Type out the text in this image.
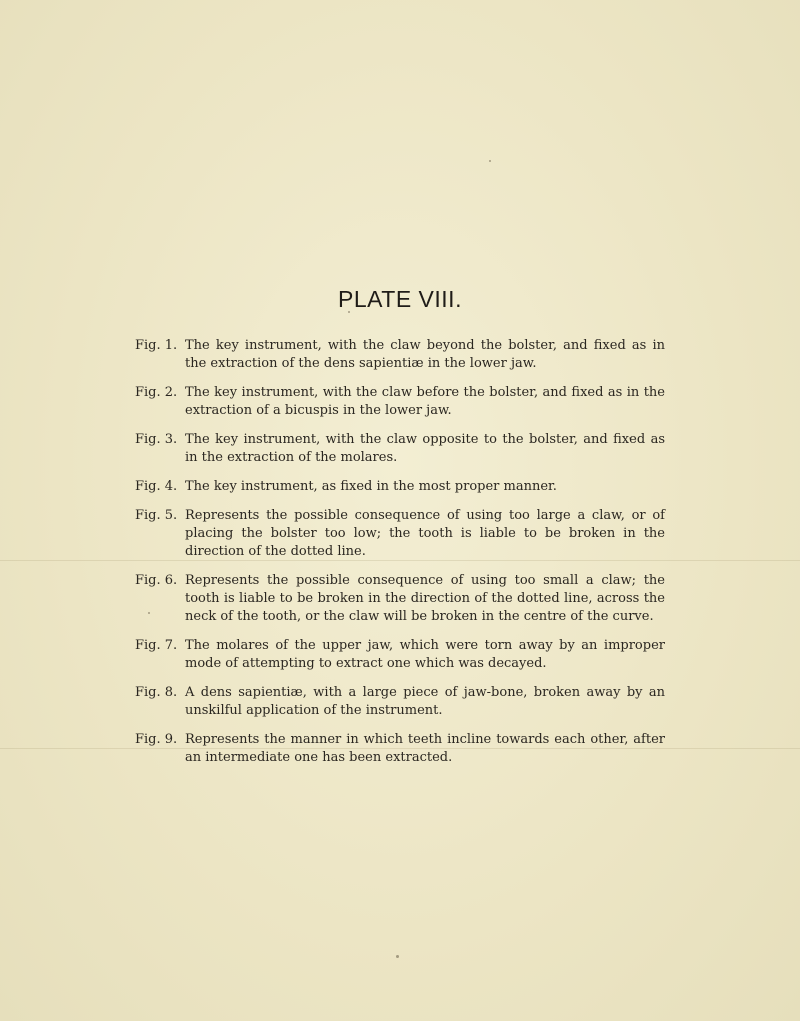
PLATE VIII.
Fig. 1. The key instrument, with the claw beyond the bolster, and fixed as in the extraction of the dens sapientiæ in the lower jaw.
Fig. 2. The key instrument, with the claw before the bolster, and fixed as in the extraction of a bicuspis in the lower jaw.
Fig. 3. The key instrument, with the claw opposite to the bolster, and fixed as in the extraction of the molares.
Fig. 4. The key instrument, as fixed in the most proper manner.
Fig. 5. Represents the possible consequence of using too large a claw, or of placing the bolster too low; the tooth is liable to be broken in the direction of the dotted line.
Fig. 6. Represents the possible consequence of using too small a claw; the tooth is liable to be broken in the direction of the dotted line, across the neck of the tooth, or the claw will be broken in the centre of the curve.
Fig. 7. The molares of the upper jaw, which were torn away by an improper mode of attempting to extract one which was decayed.
Fig. 8. A dens sapientiæ, with a large piece of jaw-bone, broken away by an unskilful application of the instrument.
Fig. 9. Represents the manner in which teeth incline towards each other, after an intermediate one has been extracted.
